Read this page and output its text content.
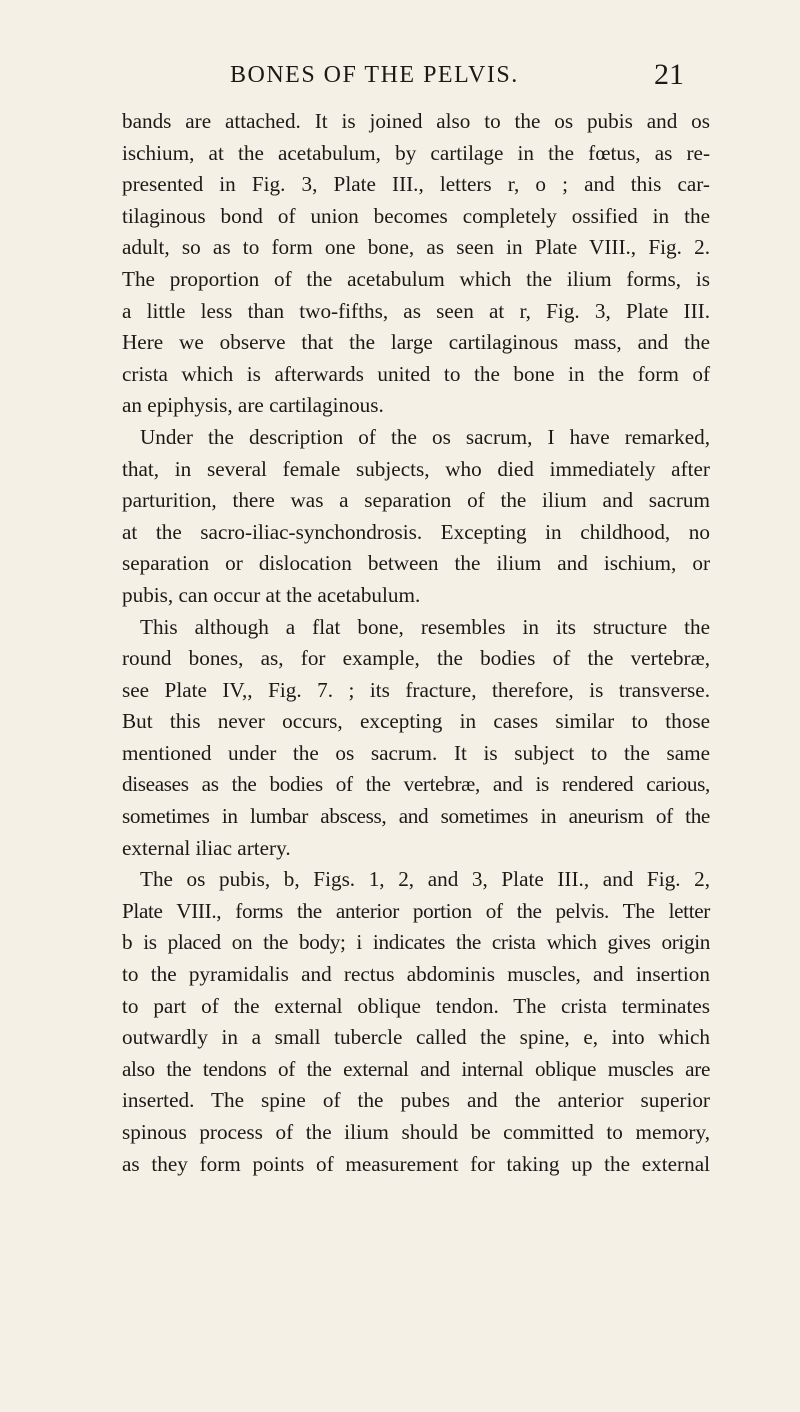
BONES OF THE PELVIS.	21
bands are attached. It is joined also to the os pubis and os
ischium, at the acetabulum, by cartilage in the fœtus, as re-
presented in Fig. 3, Plate III., letters r, o ; and this car-
tilaginous bond of union becomes completely ossified in the
adult, so as to form one bone, as seen in Plate VIII., Fig. 2.
The proportion of the acetabulum which the ilium forms, is
a little less than two-fifths, as seen at r, Fig. 3, Plate III.
Here we observe that the large cartilaginous mass, and the
crista which is afterwards united to the bone in the form of
an epiphysis, are cartilaginous.
Under the description of the os sacrum, I have remarked,
that, in several female subjects, who died immediately after
parturition, there was a separation of the ilium and sacrum
at the sacro-iliac-synchondrosis. Excepting in childhood, no
separation or dislocation between the ilium and ischium, or
pubis, can occur at the acetabulum.
This although a flat bone, resembles in its structure the
round bones, as, for example, the bodies of the vertebræ,
see Plate IV,, Fig. 7. ; its fracture, therefore, is transverse.
But this never occurs, excepting in cases similar to those
mentioned under the os sacrum. It is subject to the same
diseases as the bodies of the vertebræ, and is rendered carious,
sometimes in lumbar abscess, and sometimes in aneurism of the
external iliac artery.
The os pubis, b, Figs. 1, 2, and 3, Plate III., and Fig. 2,
Plate VIII., forms the anterior portion of the pelvis. The letter
b is placed on the body; i indicates the crista which gives origin
to the pyramidalis and rectus abdominis muscles, and insertion
to part of the external oblique tendon. The crista terminates
outwardly in a small tubercle called the spine, e, into which
also the tendons of the external and internal oblique muscles are
inserted. The spine of the pubes and the anterior superior
spinous process of the ilium should be committed to memory,
as they form points of measurement for taking up the external
